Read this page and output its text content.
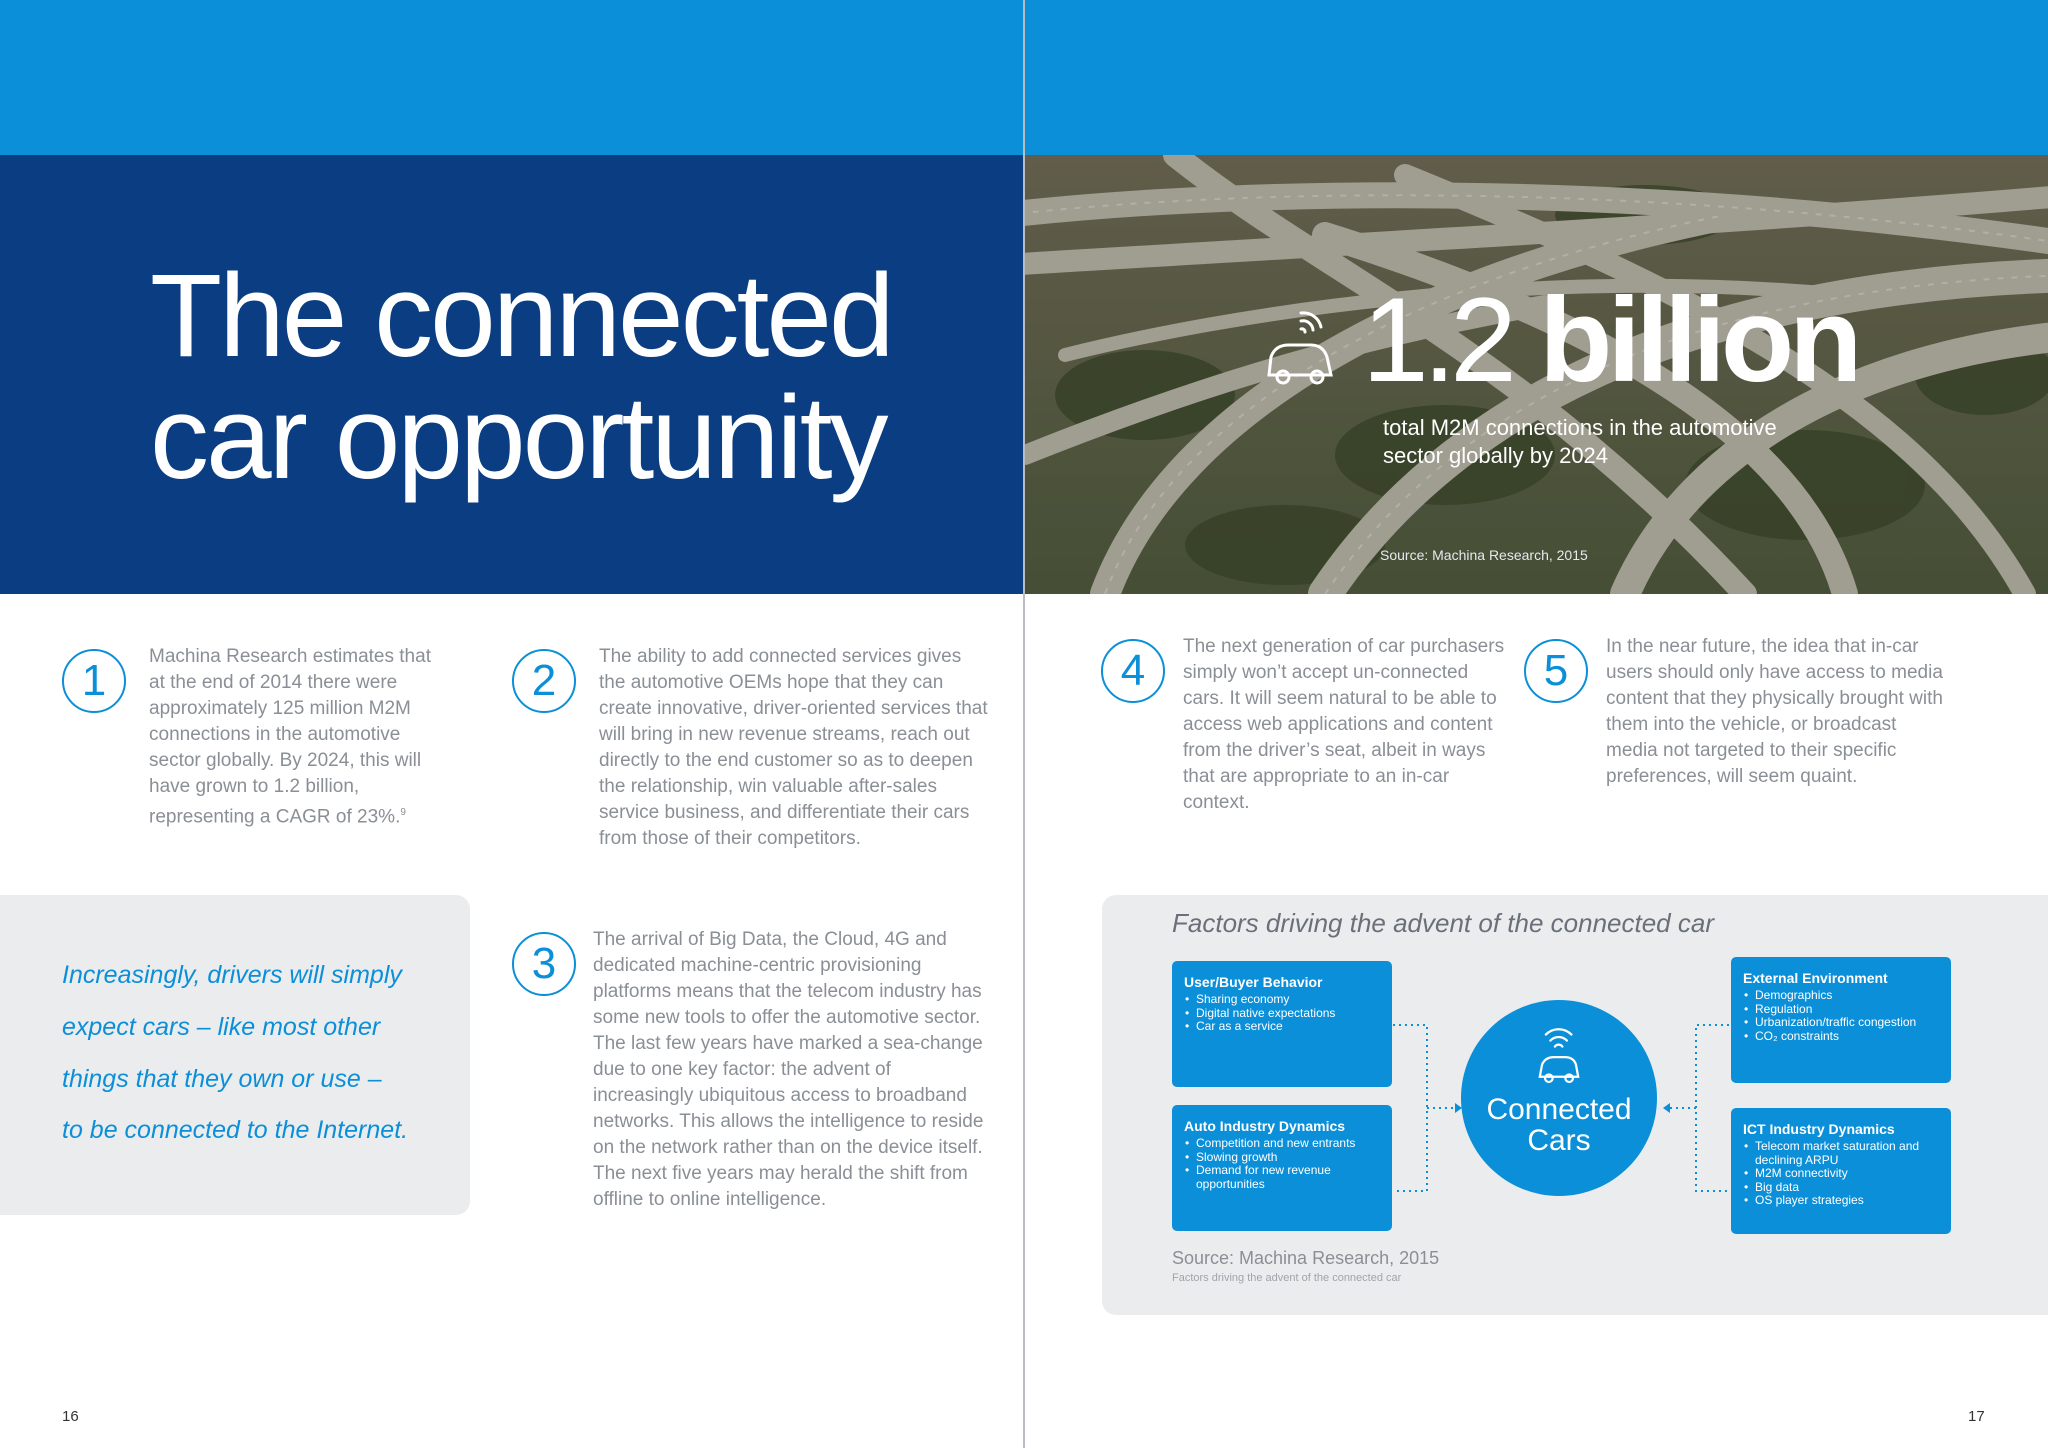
The connected
car opportunity
1.2 billion
total M2M connections in the automotive sector globally by 2024
Source: Machina Research, 2015
1	Machina Research estimates that at the end of 2014 there were approximately 125 million M2M connections in the automotive sector globally. By 2024, this will have grown to 1.2 billion, representing a CAGR of 23%.$^9$
2	The ability to add connected services gives the automotive OEMs hope that they can create innovative, driver-oriented services that will bring in new revenue streams, reach out directly to the end customer so as to deepen the relationship, win valuable after-sales service business, and differentiate their cars from those of their competitors.
3	The arrival of Big Data, the Cloud, 4G and dedicated machine-centric provisioning platforms means that the telecom industry has some new tools to offer the automotive sector. The last few years have marked a sea-change due to one key factor: the advent of increasingly ubiquitous access to broadband networks. This allows the intelligence to reside on the network rather than on the device itself. The next five years may herald the shift from offline to online intelligence.
4	The next generation of car purchasers simply won’t accept un-connected cars. It will seem natural to be able to access web applications and content from the driver’s seat, albeit in ways that are appropriate to an in-car context.
5	In the near future, the idea that in-car users should only have access to media content that they physically brought with them into the vehicle, or broadcast media not targeted to their specific preferences, will seem quaint.
Increasingly, drivers will simply
expect cars – like most other
things that they own or use –
to be connected to the Internet.
Factors driving the advent of the connected car
User/Buyer Behavior
• Sharing economy
• Digital native expectations
• Car as a service
Auto Industry Dynamics
• Competition and new entrants
• Slowing growth
• Demand for new revenue opportunities
External Environment
• Demographics
• Regulation
• Urbanization/traffic congestion
• CO₂ constraints
ICT Industry Dynamics
• Telecom market saturation and declining ARPU
• M2M connectivity
• Big data
• OS player strategies
Connected
Cars
Source: Machina Research, 2015
Factors driving the advent of the connected car
16	17
